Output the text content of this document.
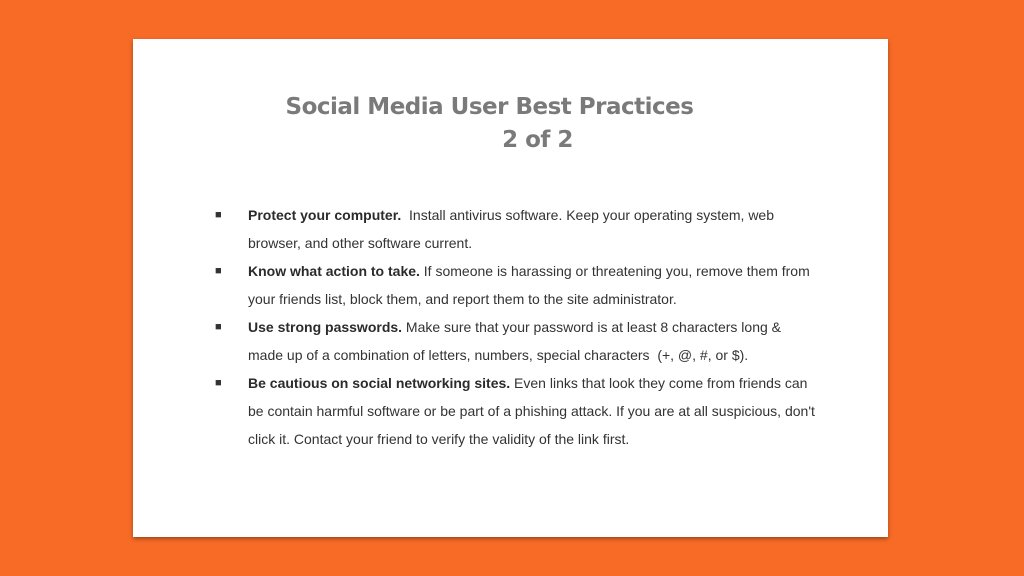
Social Media User Best Practices
2 of 2
■ Protect your computer.  Install antivirus software. Keep your operating system, web browser, and other software current.
■ Know what action to take. If someone is harassing or threatening you, remove them from your friends list, block them, and report them to the site administrator.
■ Use strong passwords. Make sure that your password is at least 8 characters long & made up of a combination of letters, numbers, special characters  (+, @, #, or $).
■ Be cautious on social networking sites. Even links that look they come from friends can be contain harmful software or be part of a phishing attack. If you are at all suspicious, don't click it. Contact your friend to verify the validity of the link first.
